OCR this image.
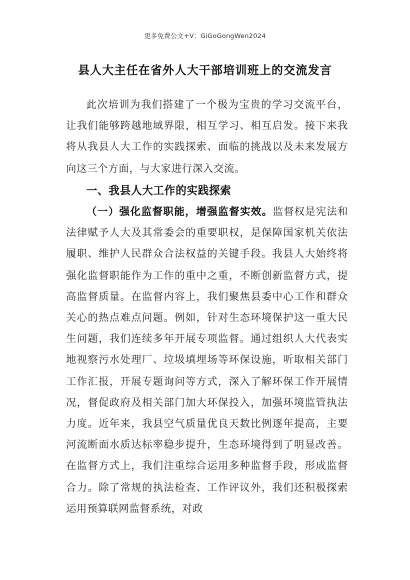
更多免费公文+V：GiGoGongWen2024
县人大主任在省外人大干部培训班上的交流发言

此次培训为我们搭建了一个极为宝贵的学习交流平台，让我们能够跨越地域界限，相互学习、相互启发。接下来我将从我县人大工作的实践探索、面临的挑战以及未来发展方向这三个方面，与大家进行深入交流。

一、我县人大工作的实践探索

（一）强化监督职能，增强监督实效。监督权是宪法和法律赋予人大及其常委会的重要职权，是保障国家机关依法履职、维护人民群众合法权益的关键手段。我县人大始终将强化监督职能作为工作的重中之重，不断创新监督方式，提高监督质量。在监督内容上，我们聚焦县委中心工作和群众关心的热点难点问题。例如，针对生态环境保护这一重大民生问题，我们连续多年开展专项监督。通过组织人大代表实地视察污水处理厂、垃圾填埋场等环保设施，听取相关部门工作汇报，开展专题询问等方式，深入了解环保工作开展情况，督促政府及相关部门加大环保投入，加强环境监管执法力度。近年来，我县空气质量优良天数比例逐年提高，主要河流断面水质达标率稳步提升，生态环境得到了明显改善。在监督方式上，我们注重综合运用多种监督手段，形成监督合力。除了常规的执法检查、工作评议外，我们还积极探索运用预算联网监督系统，对政
